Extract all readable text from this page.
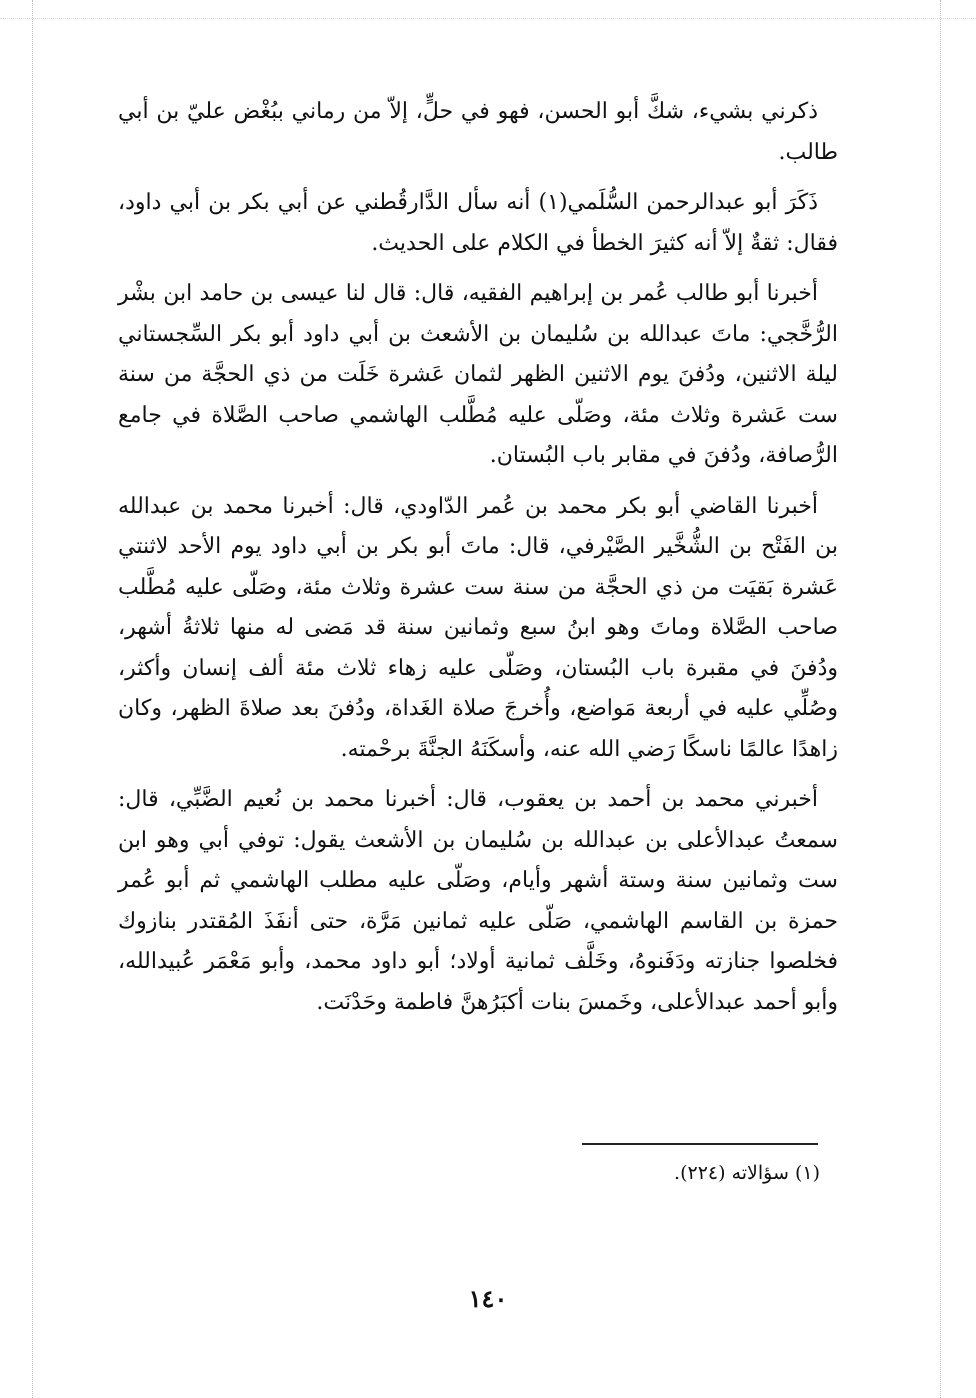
ذكرني بشيء، شكَّ أبو الحسن، فهو في حلٍّ، إلاّ من رماني ببُغْض عليّ بن أبي طالب.

ذَكَرَ أبو عبدالرحمن السُّلَمي(١) أنه سأل الدَّارقُطني عن أبي بكر بن أبي داود، فقال: ثقةٌ إلاّ أنه كثيرَ الخطأ في الكلام على الحديث.

أخبرنا أبو طالب عُمر بن إبراهيم الفقيه، قال: قال لنا عيسى بن حامد ابن بشْر الرُّخَّجي: ماتَ عبدالله بن سُليمان بن الأشعث بن أبي داود أبو بكر السِّجستاني ليلة الاثنين، ودُفنَ يوم الاثنين الظهر لثمان عَشرة خَلَت من ذي الحجَّة من سنة ست عَشرة وثلاث مئة، وصَلّى عليه مُطَّلب الهاشمي صاحب الصَّلاة في جامع الرُّصافة، ودُفنَ في مقابر باب البُستان.

أخبرنا القاضي أبو بكر محمد بن عُمر الدّاودي، قال: أخبرنا محمد بن عبدالله بن الفَتْح بن الشُّخَّير الصَّيْرفي، قال: ماتَ أبو بكر بن أبي داود يوم الأحد لاثنتي عَشرة بَقيَت من ذي الحجَّة من سنة ست عشرة وثلاث مئة، وصَلّى عليه مُطَّلب صاحب الصَّلاة وماتَ وهو ابنُ سبع وثمانين سنة قد مَضى له منها ثلاثةُ أشهر، ودُفنَ في مقبرة باب البُستان، وصَلّى عليه زهاء ثلاث مئة ألف إنسان وأكثر، وصُلِّي عليه في أربعة مَواضع، وأُخرجَ صلاة الغَداة، ودُفنَ بعد صلاةَ الظهر، وكان زاهدًا عالمًا ناسكًا رَضي الله عنه، وأسكَنَهُ الجنَّةَ برحْمته.

أخبرني محمد بن أحمد بن يعقوب، قال: أخبرنا محمد بن نُعيم الضَّبِّي، قال: سمعتُ عبدالأعلى بن عبدالله بن سُليمان بن الأشعث يقول: توفي أبي وهو ابن ست وثمانين سنة وستة أشهر وأيام، وصَلّى عليه مطلب الهاشمي ثم أبو عُمر حمزة بن القاسم الهاشمي، صَلّى عليه ثمانين مَرَّة، حتى أنفَذَ المُقتدر بنازوك فخلصوا جنازته ودَفَنوهُ، وخَلَّف ثمانية أولاد؛ أبو داود محمد، وأبو مَعْمَر عُبيدالله، وأبو أحمد عبدالأعلى، وخَمسَ بنات أكبَرُهنَّ فاطمة وحَدْنَت.

(١) سؤالاته (٢٢٤).

١٤٠
